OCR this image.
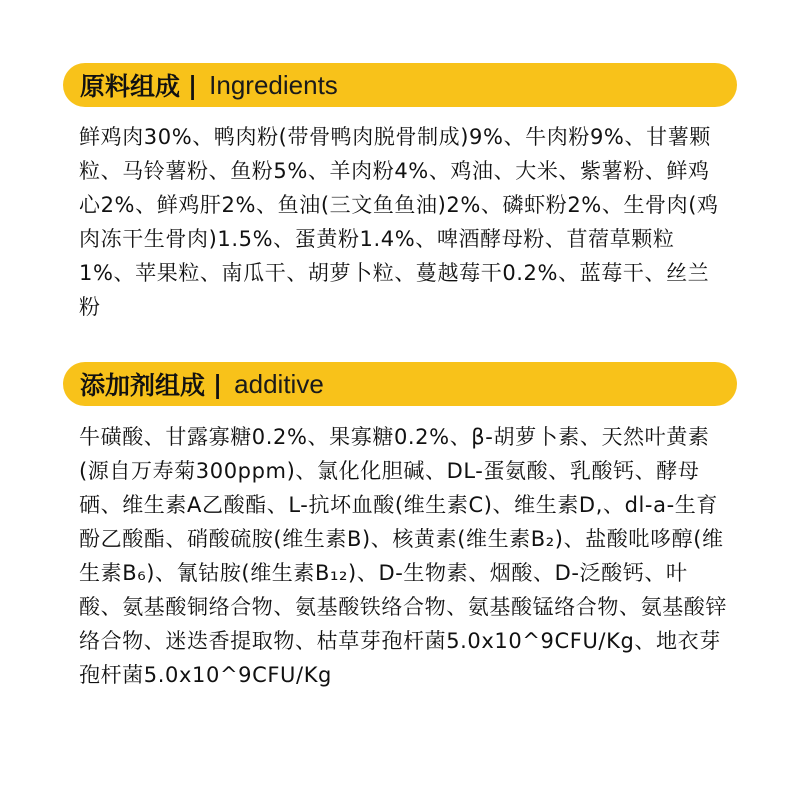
原料组成 | Ingredients

鲜鸡肉30%、鸭肉粉(带骨鸭肉脱骨制成)9%、牛肉粉9%、甘薯颗粒、马铃薯粉、鱼粉5%、羊肉粉4%、鸡油、大米、紫薯粉、鲜鸡心2%、鲜鸡肝2%、鱼油(三文鱼鱼油)2%、磷虾粉2%、生骨肉(鸡肉冻干生骨肉)1.5%、蛋黄粉1.4%、啤酒酵母粉、苜蓿草颗粒1%、苹果粒、南瓜干、胡萝卜粒、蔓越莓干0.2%、蓝莓干、丝兰粉

添加剂组成 | additive

牛磺酸、甘露寡糖0.2%、果寡糖0.2%、β-胡萝卜素、天然叶黄素(源自万寿菊300ppm)、氯化化胆碱、DL-蛋氨酸、乳酸钙、酵母硒、维生素A乙酸酯、L-抗坏血酸(维生素C)、维生素D,、dl-a-生育酚乙酸酯、硝酸硫胺(维生素B)、核黄素(维生素B₂)、盐酸吡哆醇(维生素B₆)、氰钴胺(维生素B₁₂)、D-生物素、烟酸、D-泛酸钙、叶酸、氨基酸铜络合物、氨基酸铁络合物、氨基酸锰络合物、氨基酸锌络合物、迷迭香提取物、枯草芽孢杆菌5.0x10^9CFU/Kg、地衣芽孢杆菌5.0x10^9CFU/Kg
